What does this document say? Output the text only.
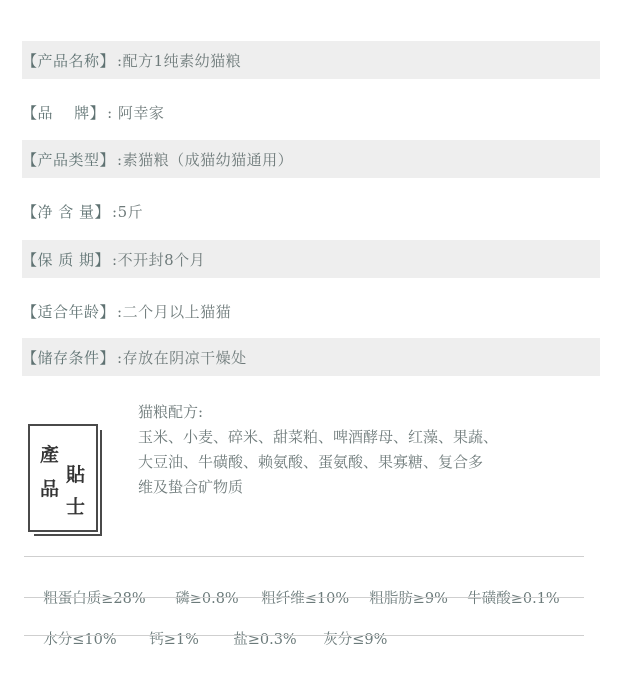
【产品名称】 :配方1纯素幼猫粮
【品    牌】 : 阿幸家
【产品类型】 :素猫粮（成猫幼猫通用）
【净 含 量】 :5斤
【保 质 期】 :不开封8个月
【适合年龄】 :二个月以上猫猫
【储存条件】 :存放在阴凉干燥处
產
品
貼
士
猫粮配方:
玉米、小麦、碎米、甜菜粕、啤酒酵母、红藻、果蔬、
大豆油、牛磺酸、赖氨酸、蛋氨酸、果寡糖、复合多
维及蛰合矿物质

粗蛋白质≥28% 磷≥0.8% 粗纤维≤10% 粗脂肪≥9% 牛磺酸≥0.1%

水分≤10% 钙≥1% 盐≥0.3% 灰分≤9%
